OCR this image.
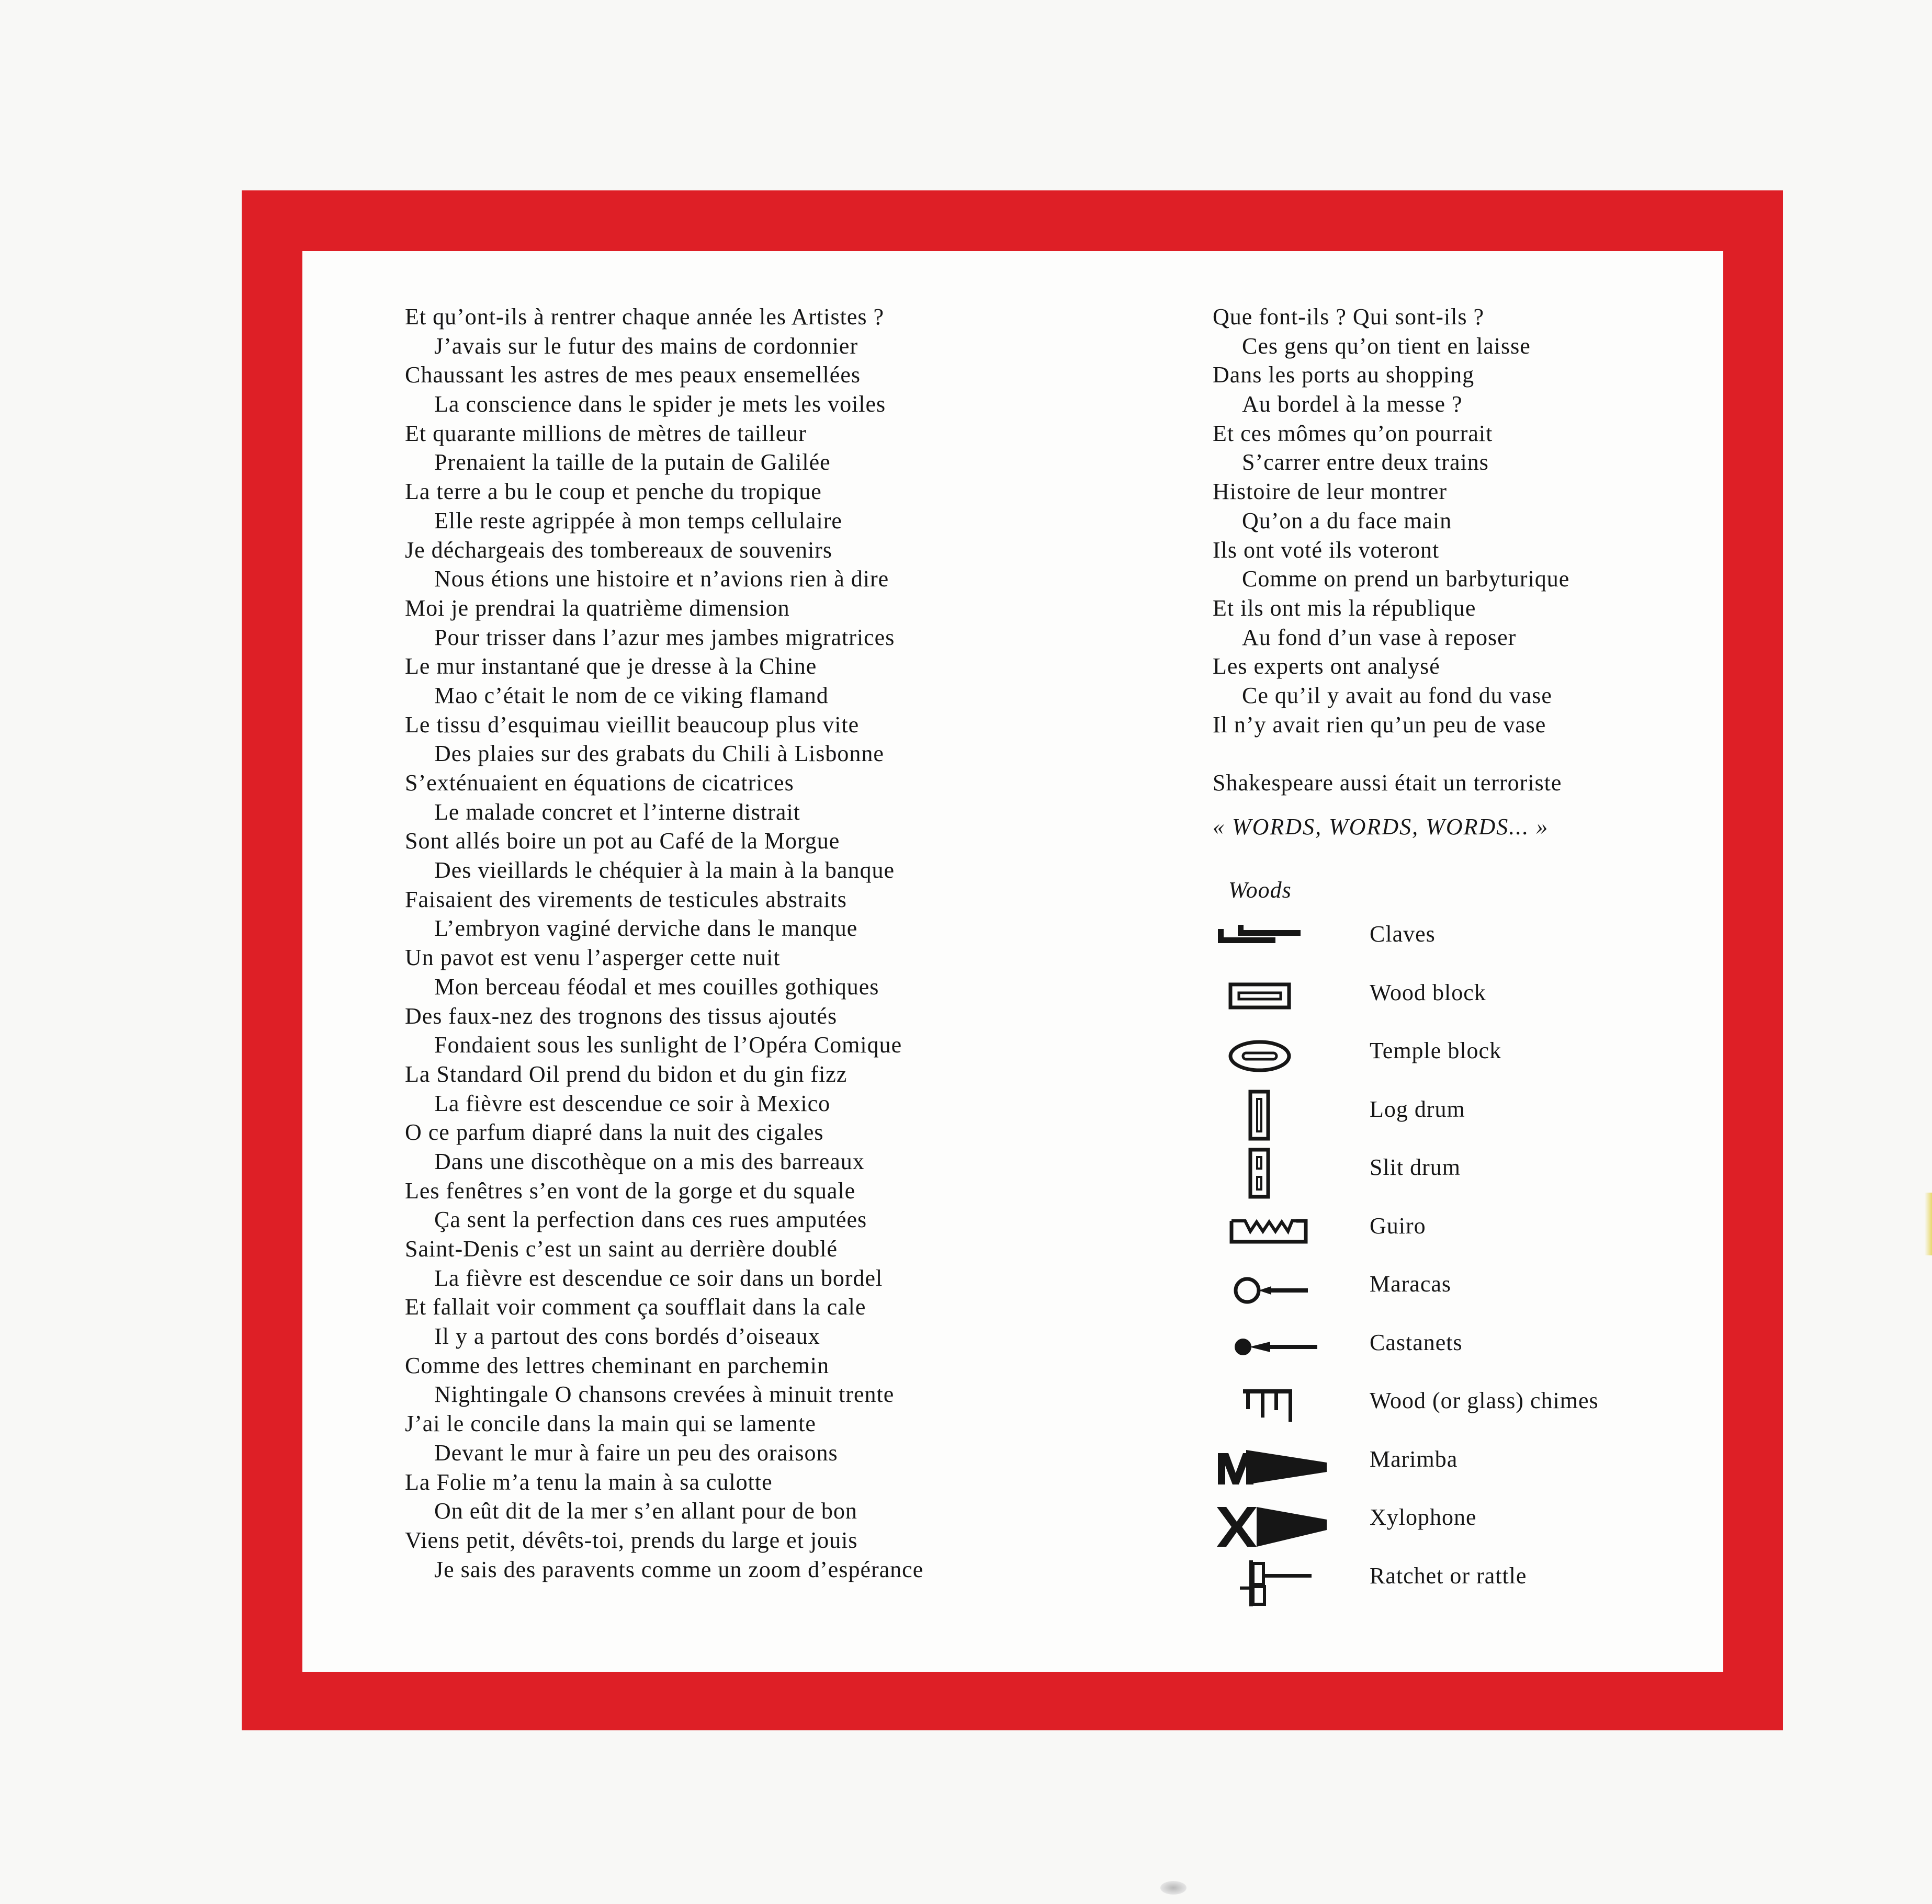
Et qu’ont-ils à rentrer chaque année les Artistes ?
J’avais sur le futur des mains de cordonnier
Chaussant les astres de mes peaux ensemellées
La conscience dans le spider je mets les voiles
Et quarante millions de mètres de tailleur
Prenaient la taille de la putain de Galilée
La terre a bu le coup et penche du tropique
Elle reste agrippée à mon temps cellulaire
Je déchargeais des tombereaux de souvenirs
Nous étions une histoire et n’avions rien à dire
Moi je prendrai la quatrième dimension
Pour trisser dans l’azur mes jambes migratrices
Le mur instantané que je dresse à la Chine
Mao c’était le nom de ce viking flamand
Le tissu d’esquimau vieillit beaucoup plus vite
Des plaies sur des grabats du Chili à Lisbonne
S’exténuaient en équations de cicatrices
Le malade concret et l’interne distrait
Sont allés boire un pot au Café de la Morgue
Des vieillards le chéquier à la main à la banque
Faisaient des virements de testicules abstraits
L’embryon vaginé derviche dans le manque
Un pavot est venu l’asperger cette nuit
Mon berceau féodal et mes couilles gothiques
Des faux-nez des trognons des tissus ajoutés
Fondaient sous les sunlight de l’Opéra Comique
La Standard Oil prend du bidon et du gin fizz
La fièvre est descendue ce soir à Mexico
O ce parfum diapré dans la nuit des cigales
Dans une discothèque on a mis des barreaux
Les fenêtres s’en vont de la gorge et du squale
Ça sent la perfection dans ces rues amputées
Saint-Denis c’est un saint au derrière doublé
La fièvre est descendue ce soir dans un bordel
Et fallait voir comment ça soufflait dans la cale
Il y a partout des cons bordés d’oiseaux
Comme des lettres cheminant en parchemin
Nightingale O chansons crevées à minuit trente
J’ai le concile dans la main qui se lamente
Devant le mur à faire un peu des oraisons
La Folie m’a tenu la main à sa culotte
On eût dit de la mer s’en allant pour de bon
Viens petit, dévêts-toi, prends du large et jouis
Je sais des paravents comme un zoom d’espérance
Que font-ils ? Qui sont-ils ?
Ces gens qu’on tient en laisse
Dans les ports au shopping
Au bordel à la messe ?
Et ces mômes qu’on pourrait
S’carrer entre deux trains
Histoire de leur montrer
Qu’on a du face main
Ils ont voté ils voteront
Comme on prend un barbyturique
Et ils ont mis la république
Au fond d’un vase à reposer
Les experts ont analysé
Ce qu’il y avait au fond du vase
Il n’y avait rien qu’un peu de vase
Shakespeare aussi était un terroriste
« WORDS, WORDS, WORDS... »
Woods
Claves
Wood block
Temple block
Log drum
Slit drum
Guiro
Maracas
Castanets
Wood (or glass) chimes
Marimba
Xylophone
Ratchet or rattle
